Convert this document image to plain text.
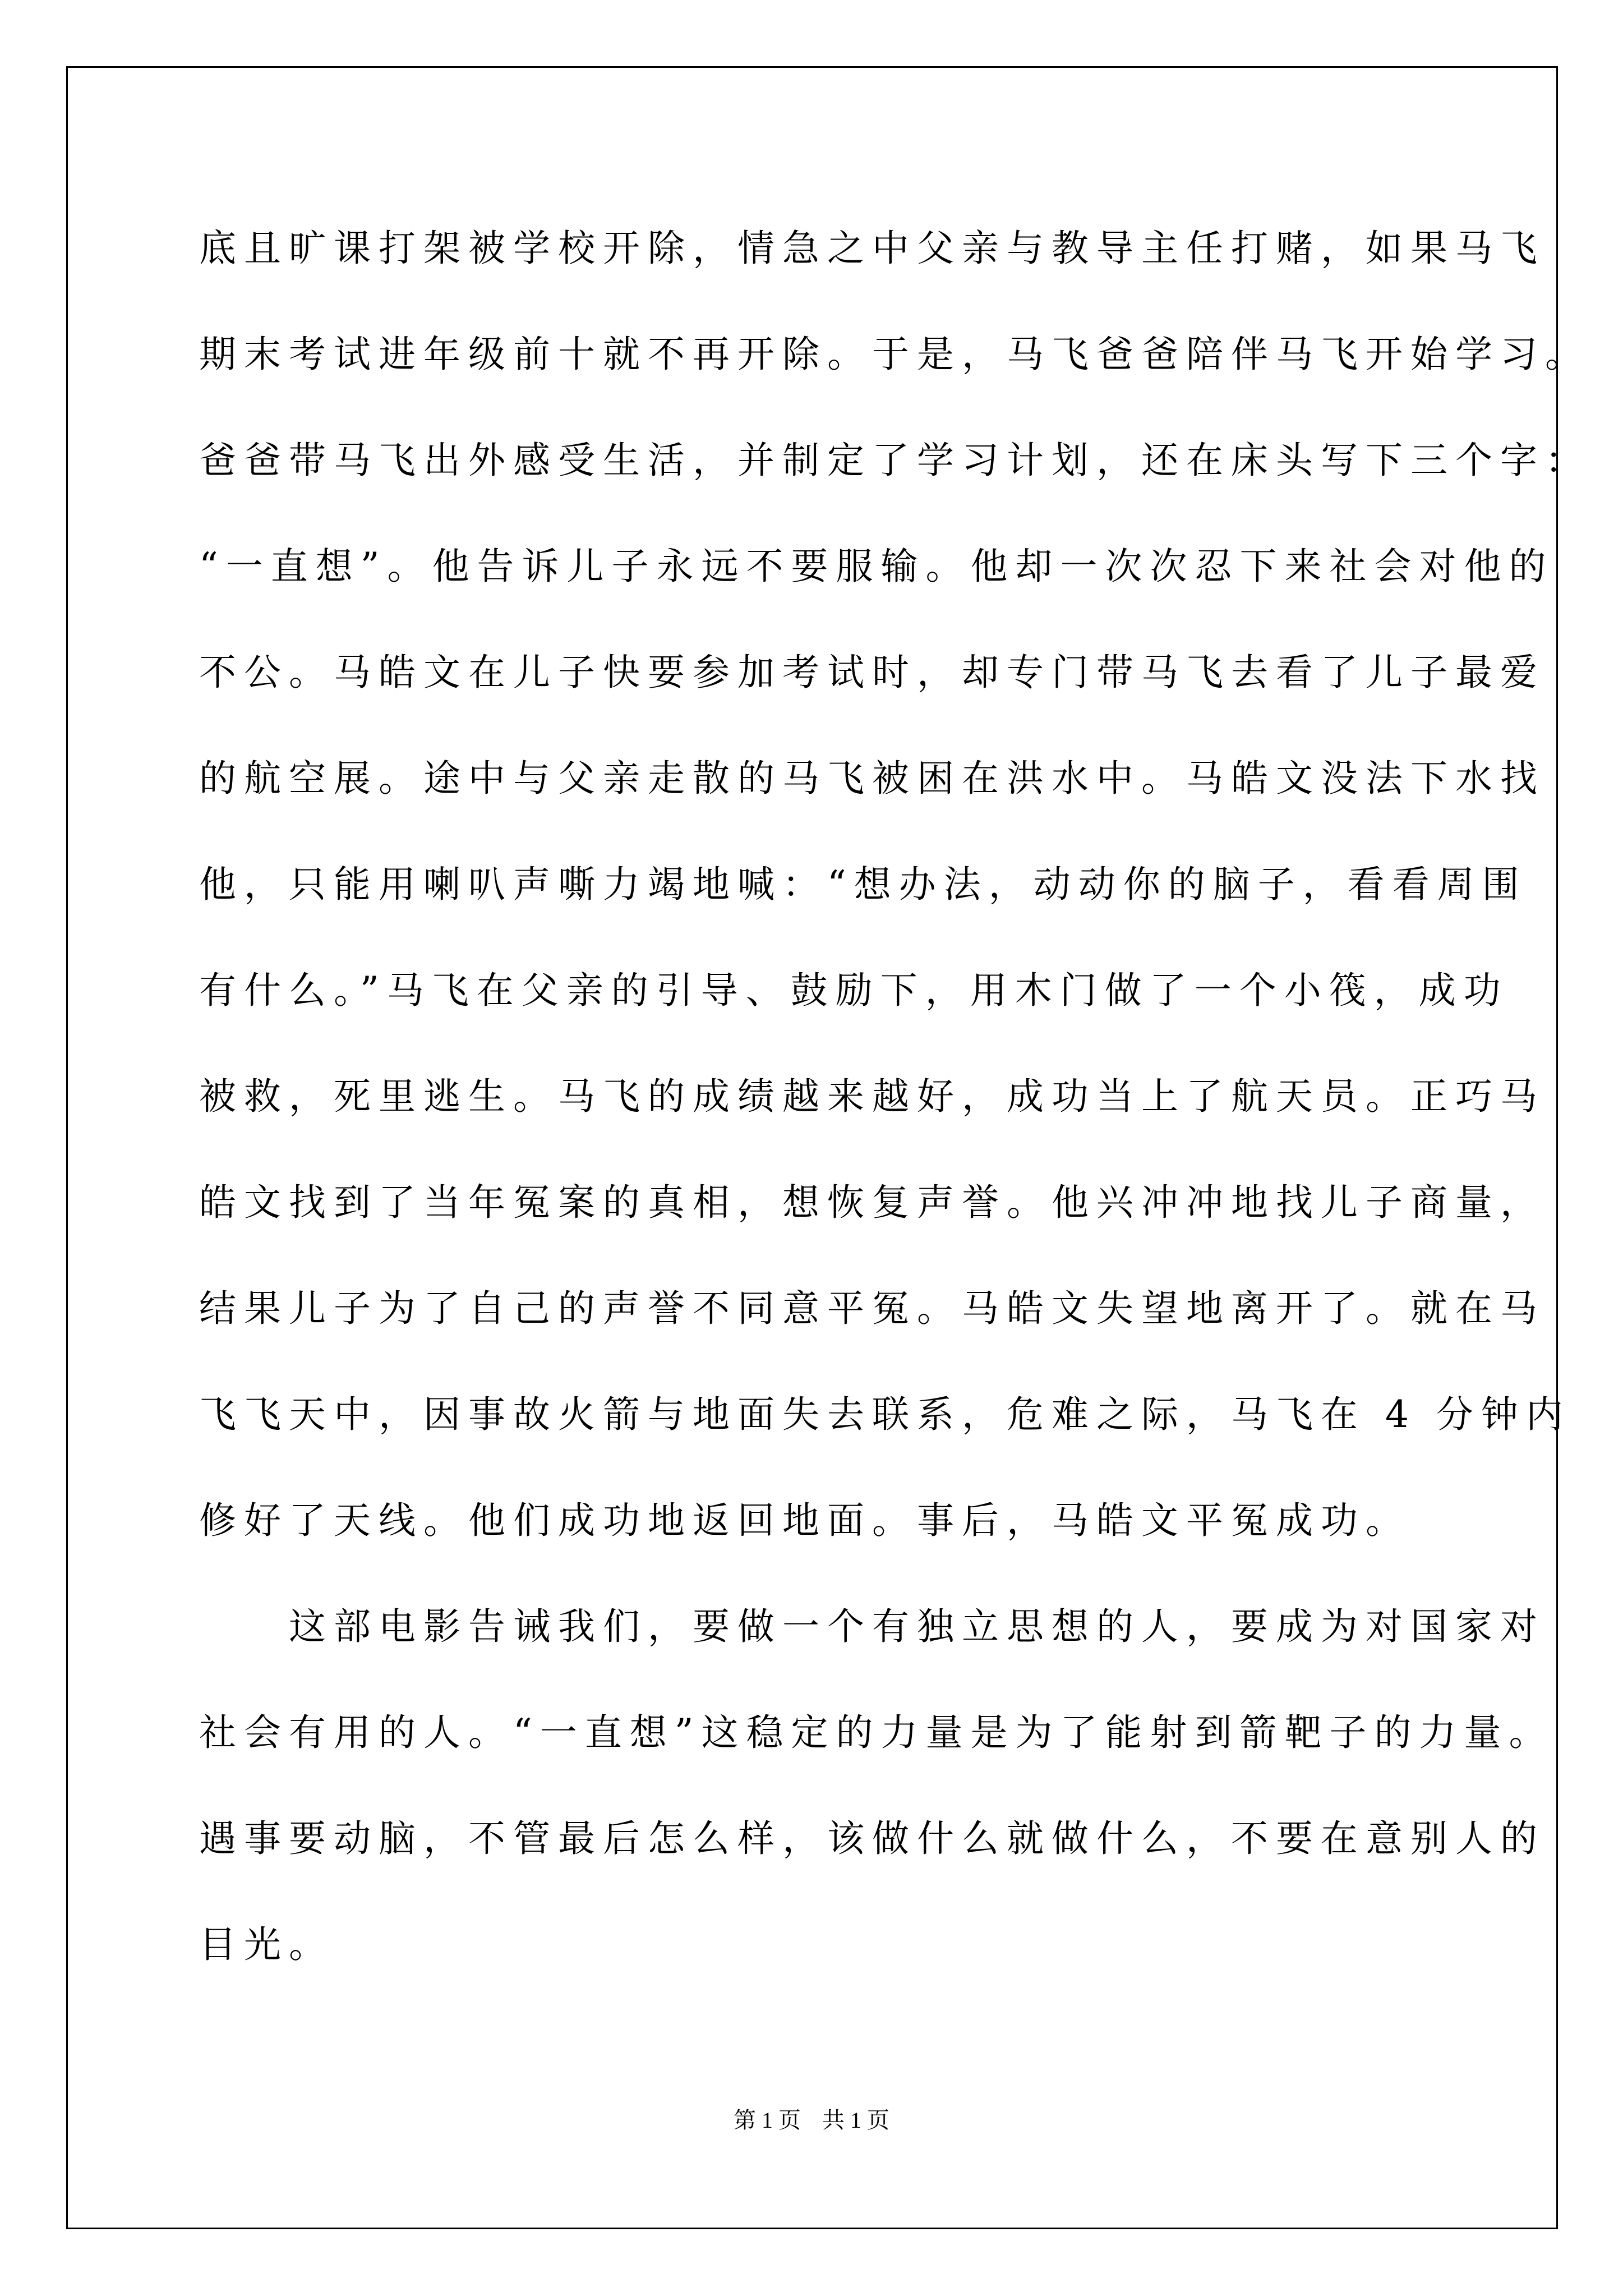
底且旷课打架被学校开除，情急之中父亲与教导主任打赌，如果马飞
期末考试进年级前十就不再开除。于是，马飞爸爸陪伴马飞开始学习。
爸爸带马飞出外感受生活，并制定了学习计划，还在床头写下三个字：
“一直想”。他告诉儿子永远不要服输。他却一次次忍下来社会对他的
不公。马皓文在儿子快要参加考试时，却专门带马飞去看了儿子最爱
的航空展。途中与父亲走散的马飞被困在洪水中。马皓文没法下水找
他，只能用喇叭声嘶力竭地喊：“想办法，动动你的脑子，看看周围
有什么。”马飞在父亲的引导、鼓励下，用木门做了一个小筏，成功
被救，死里逃生。马飞的成绩越来越好，成功当上了航天员。正巧马
皓文找到了当年冤案的真相，想恢复声誉。他兴冲冲地找儿子商量，
结果儿子为了自己的声誉不同意平冤。马皓文失望地离开了。就在马
飞飞天中，因事故火箭与地面失去联系，危难之际，马飞在 4 分钟内
修好了天线。他们成功地返回地面。事后，马皓文平冤成功。
　　这部电影告诫我们，要做一个有独立思想的人，要成为对国家对
社会有用的人。“一直想”这稳定的力量是为了能射到箭靶子的力量。
遇事要动脑，不管最后怎么样，该做什么就做什么，不要在意别人的
目光。
第 1 页 共 1 页
